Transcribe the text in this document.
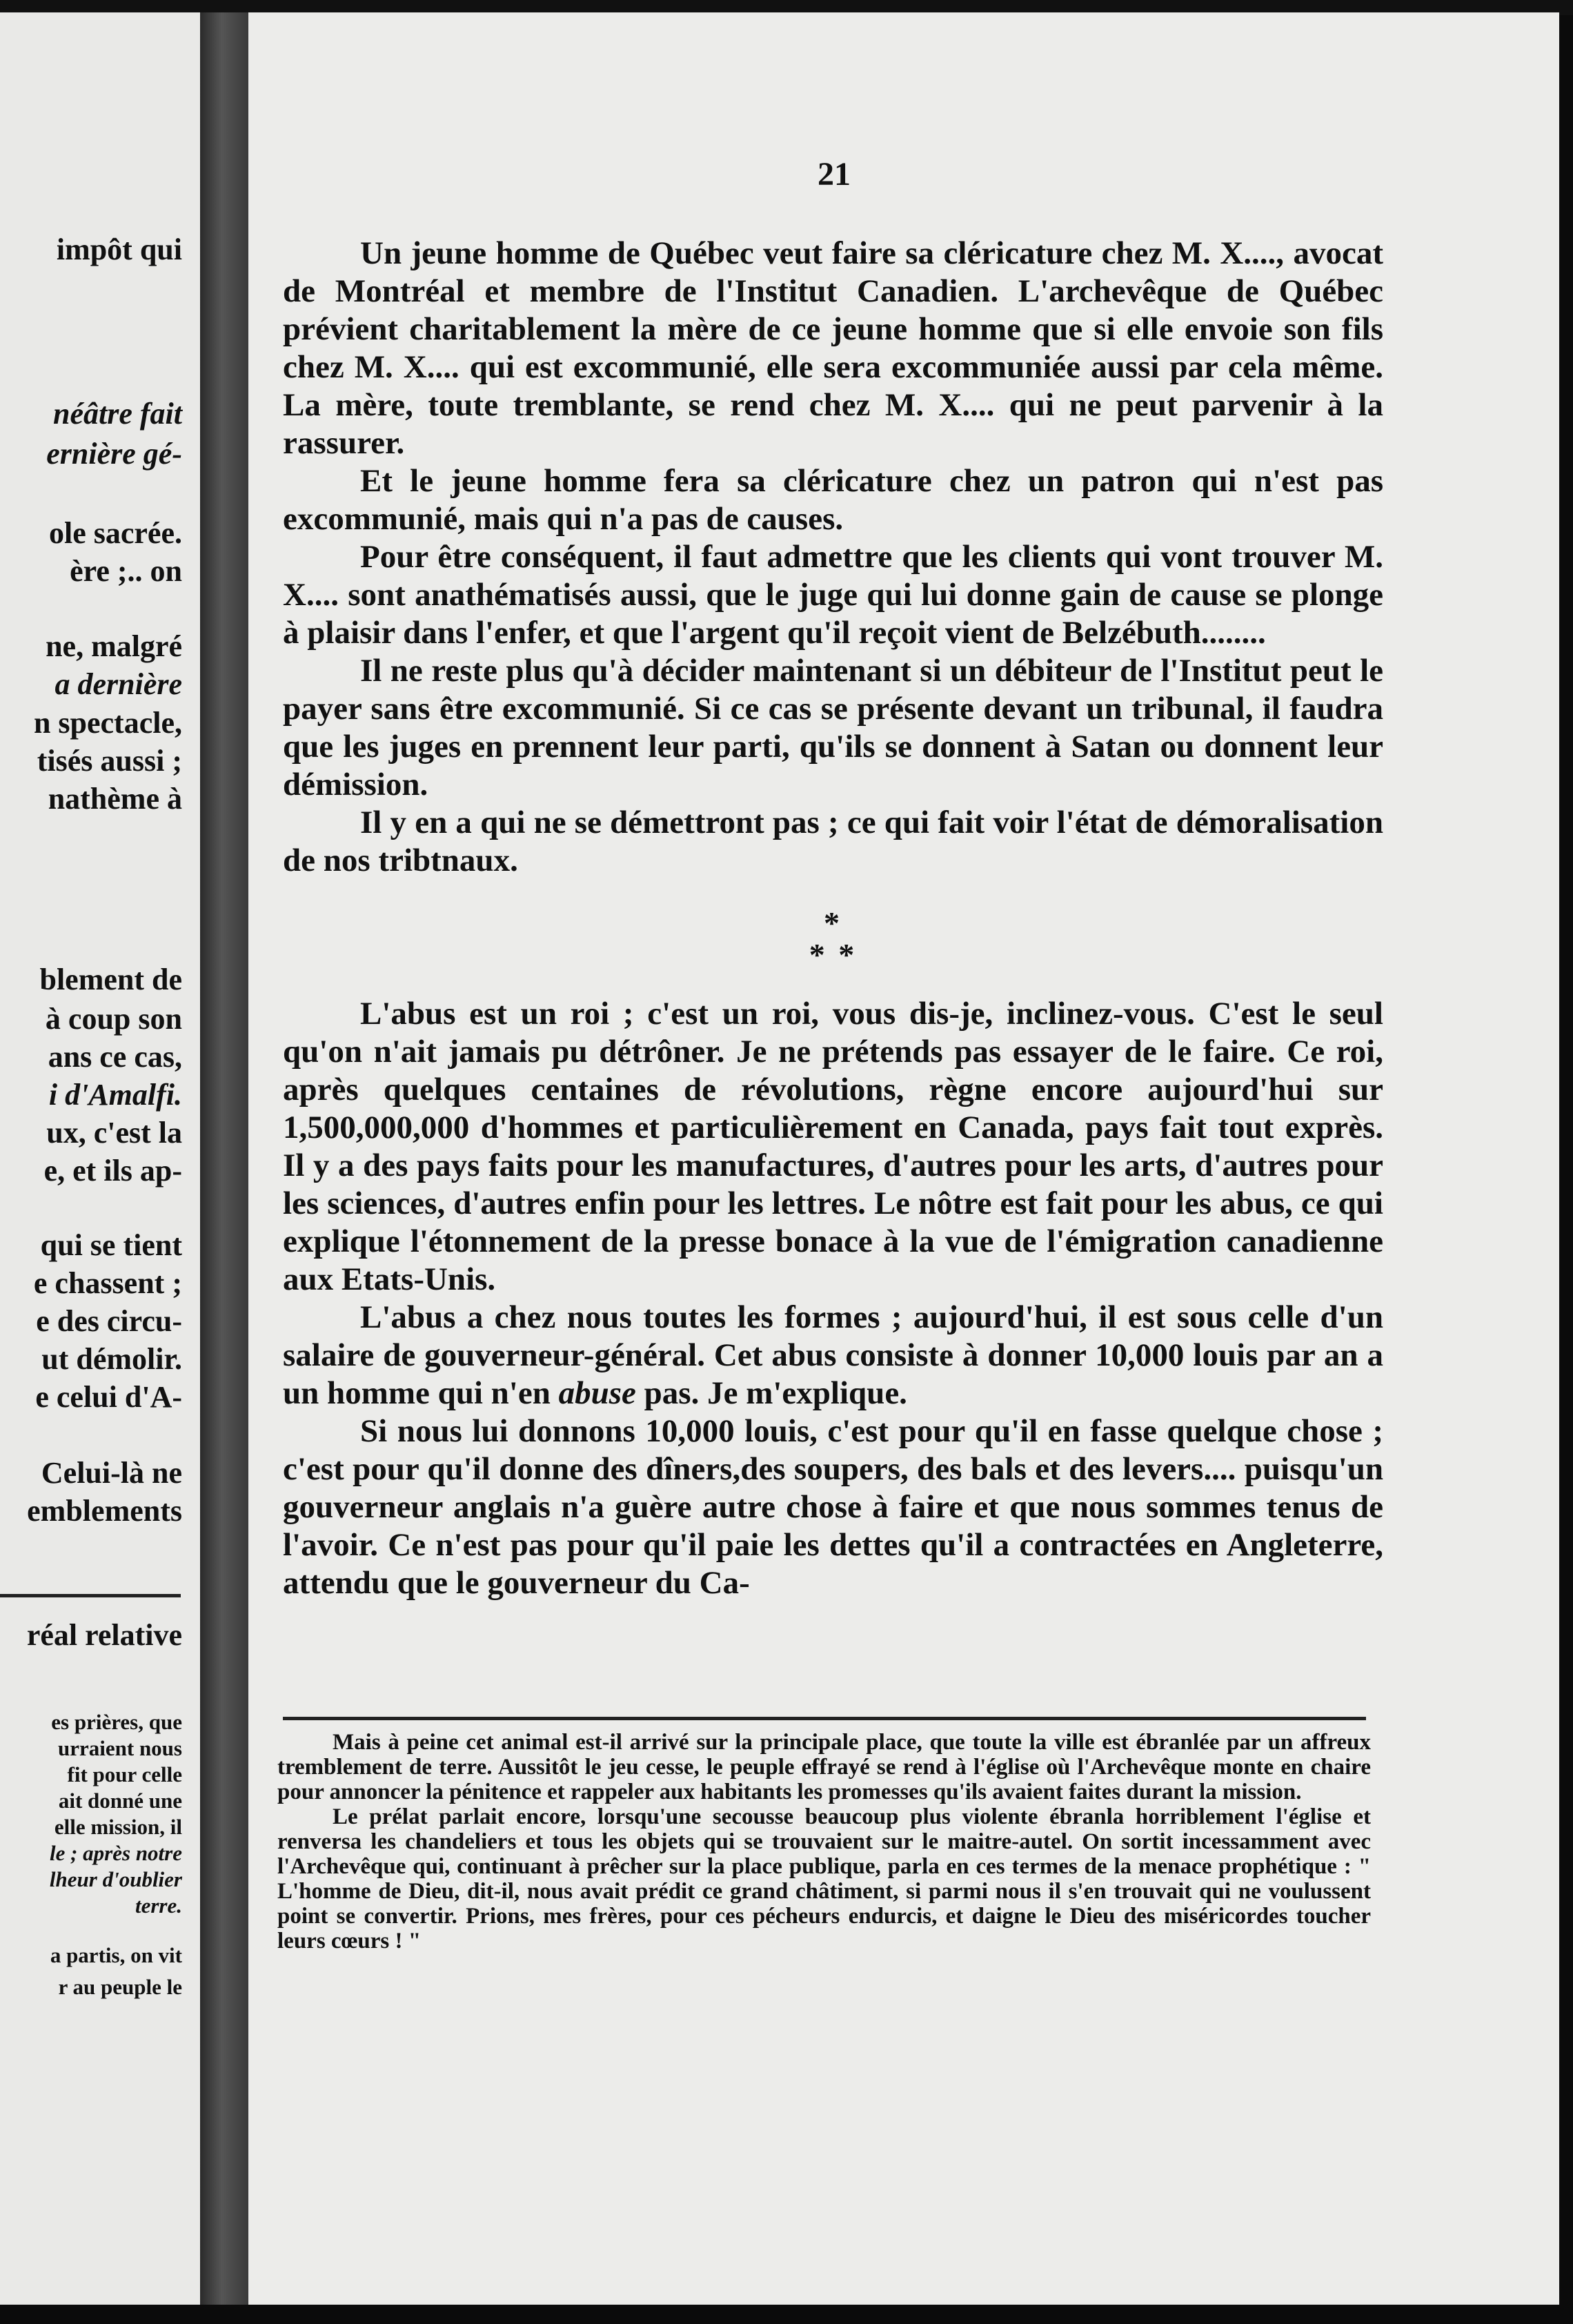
impôt qui
néâtre fait
ernière gé-
ole sacrée.
ère ;.. on
ne, malgré
a dernière
n spectacle,
tisés aussi ;
nathème à
blement de
à coup son
ans ce cas,
i d'Amalfi.
ux, c'est la
e, et ils ap-
qui se tient
e chassent ;
e des circu-
ut démolir.
e celui d'A-
Celui-là ne
emblements
réal relative
es prières, que
urraient nous
fit pour celle
ait donné une
elle mission, il
le ; après notre
lheur d'oublier
terre.
a partis, on vit
r au peuple le
21

Un jeune homme de Québec veut faire sa cléricature chez M. X...., avocat de Montréal et membre de l'Institut Canadien. L'archevêque de Québec prévient charitablement la mère de ce jeune homme que si elle envoie son fils chez M. X.... qui est excommunié, elle sera excommuniée aussi par cela même. La mère, toute tremblante, se rend chez M. X.... qui ne peut parvenir à la rassurer.

Et le jeune homme fera sa cléricature chez un patron qui n'est pas excommunié, mais qui n'a pas de causes.

Pour être conséquent, il faut admettre que les clients qui vont trouver M. X.... sont anathématisés aussi, que le juge qui lui donne gain de cause se plonge à plaisir dans l'enfer, et que l'argent qu'il reçoit vient de Belzébuth........

Il ne reste plus qu'à décider maintenant si un débiteur de l'Institut peut le payer sans être excommunié. Si ce cas se présente devant un tribunal, il faudra que les juges en prennent leur parti, qu'ils se donnent à Satan ou donnent leur démission.

Il y en a qui ne se démettront pas ; ce qui fait voir l'état de démoralisation de nos tribtnaux.

*
* *

L'abus est un roi ; c'est un roi, vous dis-je, inclinez-vous. C'est le seul qu'on n'ait jamais pu détrôner. Je ne prétends pas essayer de le faire. Ce roi, après quelques centaines de révolutions, règne encore aujourd'hui sur 1,500,000,000 d'hommes et particulièrement en Canada, pays fait tout exprès. Il y a des pays faits pour les manufactures, d'autres pour les arts, d'autres pour les sciences, d'autres enfin pour les lettres. Le nôtre est fait pour les abus, ce qui explique l'étonnement de la presse bonace à la vue de l'émigration canadienne aux Etats-Unis.

L'abus a chez nous toutes les formes ; aujourd'hui, il est sous celle d'un salaire de gouverneur-général. Cet abus consiste à donner 10,000 louis par an a un homme qui n'en abuse pas. Je m'explique.

Si nous lui donnons 10,000 louis, c'est pour qu'il en fasse quelque chose ; c'est pour qu'il donne des dîners,des soupers, des bals et des levers.... puisqu'un gouverneur anglais n'a guère autre chose à faire et que nous sommes tenus de l'avoir. Ce n'est pas pour qu'il paie les dettes qu'il a contractées en Angleterre, attendu que le gouverneur du Ca-

Mais à peine cet animal est-il arrivé sur la principale place, que toute la ville est ébranlée par un affreux tremblement de terre. Aussitôt le jeu cesse, le peuple effrayé se rend à l'église où l'Archevêque monte en chaire pour annoncer la pénitence et rappeler aux habitants les promesses qu'ils avaient faites durant la mission.

Le prélat parlait encore, lorsqu'une secousse beaucoup plus violente ébranla horriblement l'église et renversa les chandeliers et tous les objets qui se trouvaient sur le maitre-autel. On sortit incessamment avec l'Archevêque qui, continuant à prêcher sur la place publique, parla en ces termes de la menace prophétique : " L'homme de Dieu, dit-il, nous avait prédit ce grand châtiment, si parmi nous il s'en trouvait qui ne voulussent point se convertir. Prions, mes frères, pour ces pécheurs endurcis, et daigne le Dieu des miséricordes toucher leurs cœurs ! "
